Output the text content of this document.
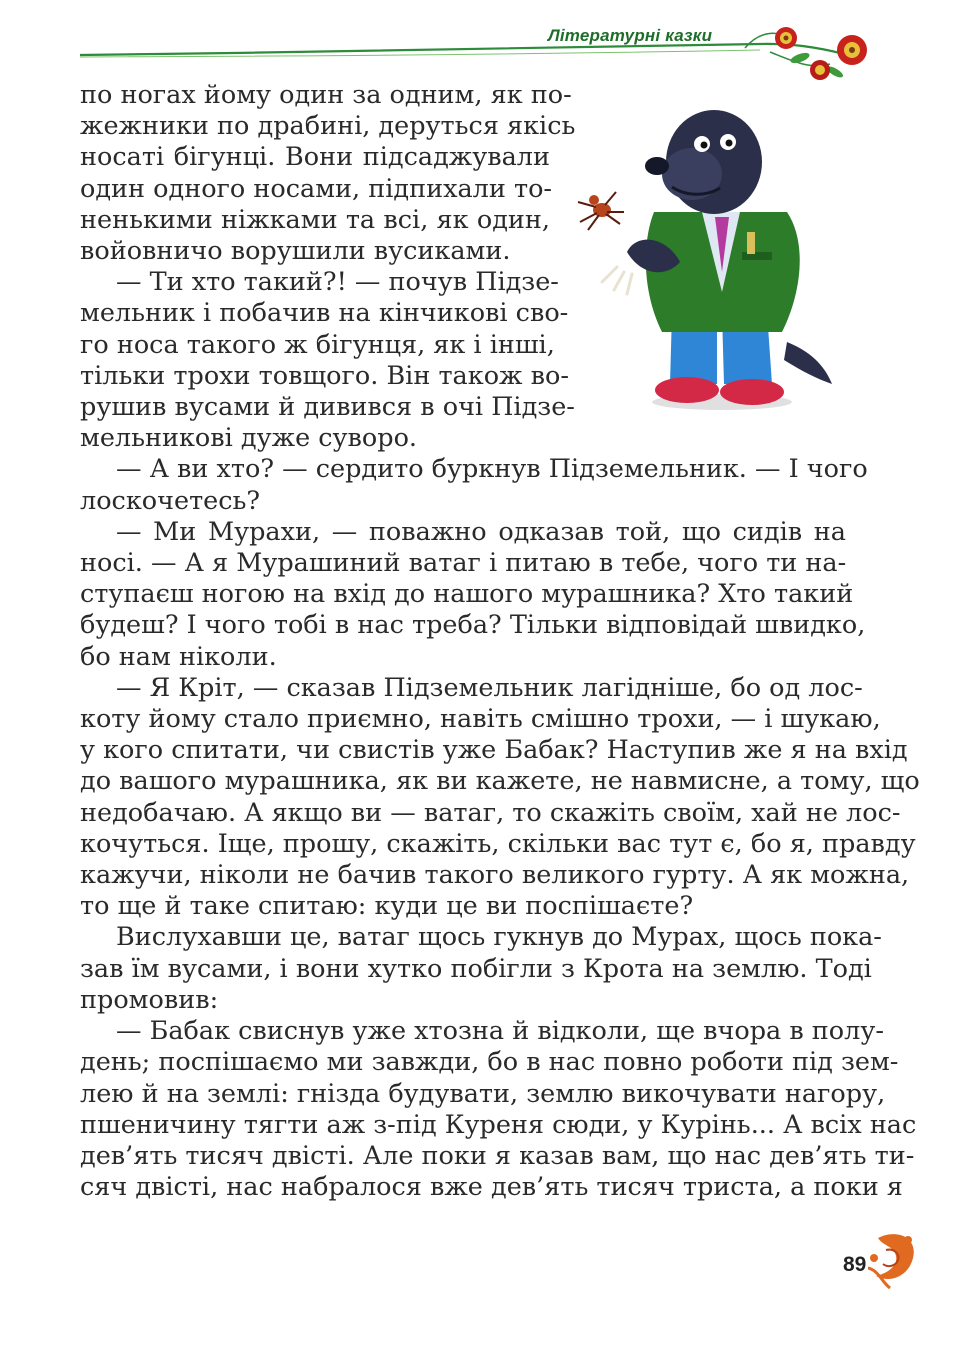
Літературні казки
по ногах йому один за одним, як по-
жежники по драбині, деруться якісь
носаті бігунці. Вони підсаджували
один одного носами, підпихали то-
ненькими ніжками та всі, як один,
войовничо ворушили вусиками.
— Ти хто такий?! — почув Підзе-
мельник і побачив на кінчикові сво-
го носа такого ж бігунця, як і інші,
тільки трохи товщого. Він також во-
рушив вусами й дивився в очі Підзе-
мельникові дуже суворо.
— А ви хто? — сердито буркнув Підземельник. — І чого
лоскочетесь?
— Ми Мурахи, — поважно одказав той, що сидів на
носі. — А я Мурашиний ватаг і питаю в тебе, чого ти на-
ступаєш ногою на вхід до нашого мурашника? Хто такий
будеш? І чого тобі в нас треба? Тільки відповідай швидко,
бо нам ніколи.
— Я Кріт, — сказав Підземельник лагідніше, бо од лос-
коту йому стало приємно, навіть смішно трохи, — і шукаю,
у кого спитати, чи свистів уже Бабак? Наступив же я на вхід
до вашого мурашника, як ви кажете, не навмисне, а тому, що
недобачаю. А якщо ви — ватаг, то скажіть своїм, хай не лос-
кочуться. Іще, прошу, скажіть, скільки вас тут є, бо я, правду
кажучи, ніколи не бачив такого великого гурту. А як можна,
то ще й таке спитаю: куди це ви поспішаєте?
Вислухавши це, ватаг щось гукнув до Мурах, щось пока-
зав їм вусами, і вони хутко побігли з Крота на землю. Тоді
промовив:
— Бабак свиснув уже хтозна й відколи, ще вчора в полу-
день; поспішаємо ми завжди, бо в нас повно роботи під зем-
лею й на землі: гнізда будувати, землю викочувати нагору,
пшеничину тягти аж з-під Куреня сюди, у Курінь... А всіх нас
дев’ять тисяч двісті. Але поки я казав вам, що нас дев’ять ти-
сяч двісті, нас набралося вже дев’ять тисяч триста, а поки я
89
